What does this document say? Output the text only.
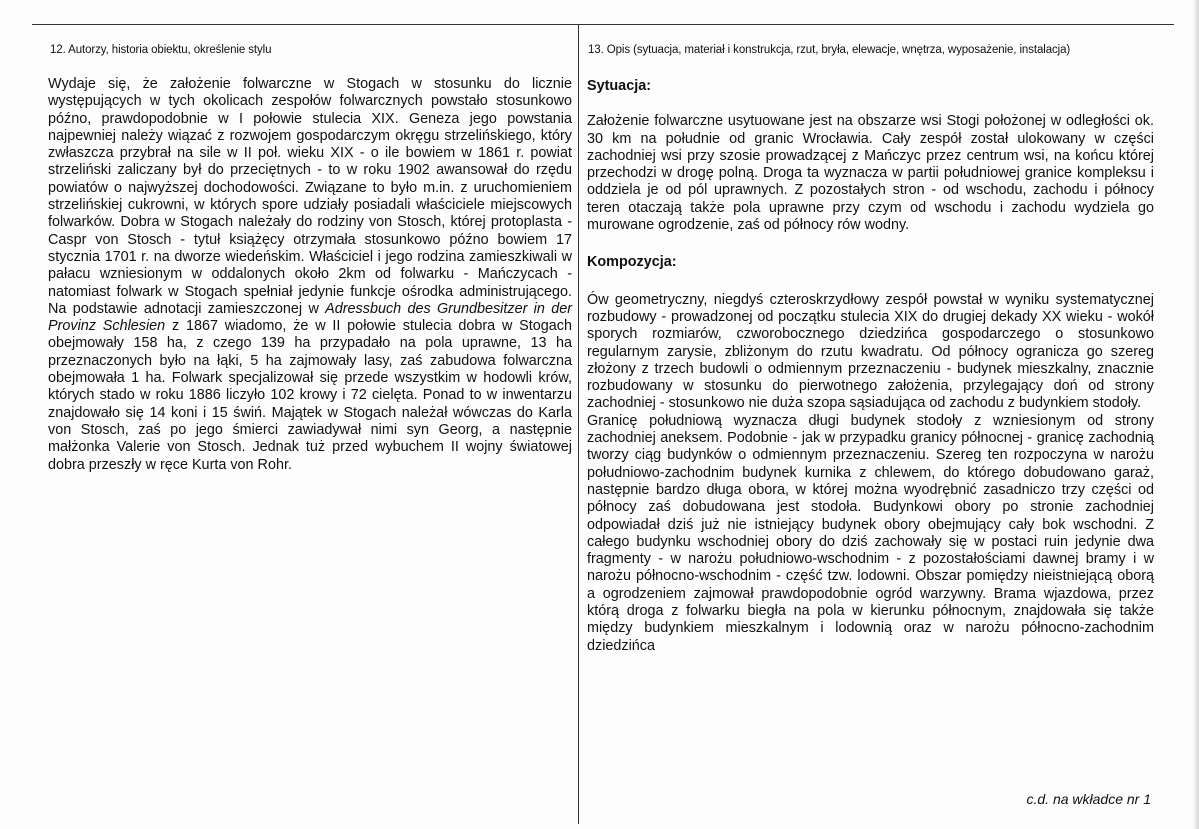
12. Autorzy, historia obiektu, określenie stylu	13. Opis (sytuacja, materiał i konstrukcja, rzut, bryła, elewacje, wnętrza, wyposażenie, instalacja)

Wydaje się, że założenie folwarczne w Stogach w stosunku do licznie występujących w tych okolicach zespołów folwarcznych powstało stosunkowo późno, prawdopodobnie w I połowie stulecia XIX. Geneza jego powstania najpewniej należy wiązać z rozwojem gospodarczym okręgu strzelińskiego, który zwłaszcza przybrał na sile w II poł. wieku XIX - o ile bowiem w 1861 r. powiat strzeliński zaliczany był do przeciętnych - to w roku 1902 awansował do rzędu powiatów o najwyższej dochodowości. Związane to było m.in. z uruchomieniem strzelińskiej cukrowni, w których spore udziały posiadali właściciele miejscowych folwarków. Dobra w Stogach należały do rodziny von Stosch, której protoplasta - Caspr von Stosch - tytuł książęcy otrzymała stosunkowo późno bowiem 17 stycznia 1701 r. na dworze wiedeńskim. Właściciel i jego rodzina zamieszkiwali w pałacu wzniesionym w oddalonych około 2km od folwarku - Mańczycach - natomiast folwark w Stogach spełniał jedynie funkcje ośrodka administrującego. Na podstawie adnotacji zamieszczonej w Adressbuch des Grundbesitzer in der Provinz Schlesien z 1867 wiadomo, że w II połowie stulecia dobra w Stogach obejmowały 158 ha, z czego 139 ha przypadało na pola uprawne, 13 ha przeznaczonych było na łąki, 5 ha zajmowały lasy, zaś zabudowa folwarczna obejmowała 1 ha. Folwark specjalizował się przede wszystkim w hodowli krów, których stado w roku 1886 liczyło 102 krowy i 72 cielęta. Ponad to w inwentarzu znajdowało się 14 koni i 15 świń. Majątek w Stogach należał wówczas do Karla von Stosch, zaś po jego śmierci zawiadywał nimi syn Georg, a następnie małżonka Valerie von Stosch. Jednak tuż przed wybuchem II wojny światowej dobra przeszły w ręce Kurta von Rohr.

Sytuacja:

Założenie folwarczne usytuowane jest na obszarze wsi Stogi położonej w odległości ok. 30 km na południe od granic Wrocławia. Cały zespół został ulokowany w części zachodniej wsi przy szosie prowadzącej z Mańczyc przez centrum wsi, na końcu której przechodzi w drogę polną. Droga ta wyznacza w partii południowej granice kompleksu i oddziela je od pól uprawnych. Z pozostałych stron - od wschodu, zachodu i północy teren otaczają także pola uprawne przy czym od wschodu i zachodu wydziela go murowane ogrodzenie, zaś od północy rów wodny.

Kompozycja:

Ów geometryczny, niegdyś czteroskrzydłowy zespół powstał w wyniku systematycznej rozbudowy - prowadzonej od początku stulecia XIX do drugiej dekady XX wieku - wokół sporych rozmiarów, czworobocznego dziedzińca gospodarczego o stosunkowo regularnym zarysie, zbliżonym do rzutu kwadratu. Od północy ogranicza go szereg złożony z trzech budowli o odmiennym przeznaczeniu - budynek mieszkalny, znacznie rozbudowany w stosunku do pierwotnego założenia, przylegający doń od strony zachodniej - stosunkowo nie duża szopa sąsiadująca od zachodu z budynkiem stodoły.

Granicę południową wyznacza długi budynek stodoły z wzniesionym od strony zachodniej aneksem. Podobnie - jak w przypadku granicy północnej - granicę zachodnią tworzy ciąg budynków o odmiennym przeznaczeniu. Szereg ten rozpoczyna w narożu południowo-zachodnim budynek kurnika z chlewem, do którego dobudowano garaż, następnie bardzo długa obora, w której można wyodrębnić zasadniczo trzy części od północy zaś dobudowana jest stodoła. Budynkowi obory po stronie zachodniej odpowiadał dziś już nie istniejący budynek obory obejmujący cały bok wschodni. Z całego budynku wschodniej obory do dziś zachowały się w postaci ruin jedynie dwa fragmenty - w narożu południowo-wschodnim - z pozostałościami dawnej bramy i w narożu północno-wschodnim - część tzw. lodowni. Obszar pomiędzy nieistniejącą oborą a ogrodzeniem zajmował prawdopodobnie ogród warzywny. Brama wjazdowa, przez którą droga z folwarku biegła na pola w kierunku północnym, znajdowała się także między budynkiem mieszkalnym i lodownią oraz w narożu północno-zachodnim dziedzińca

c.d. na wkładce nr 1
